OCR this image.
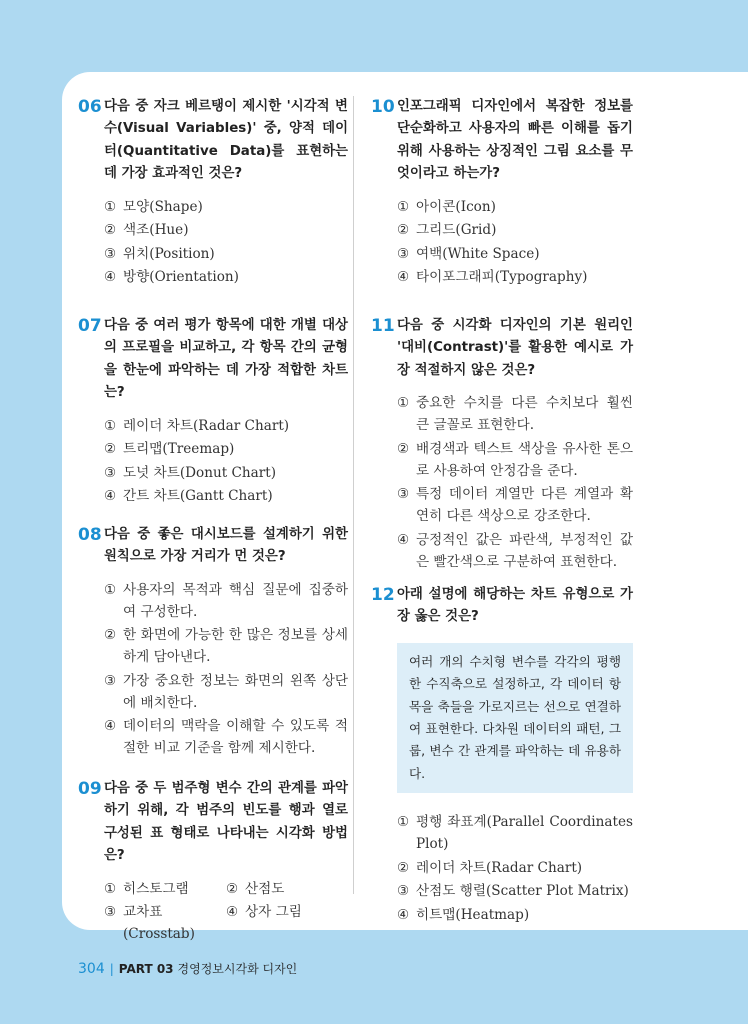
06 다음 중 자크 베르탱이 제시한 '시각적 변수(Visual Variables)' 중, 양적 데이터(Quantitative Data)를 표현하는 데 가장 효과적인 것은?
① 모양(Shape)
② 색조(Hue)
③ 위치(Position)
④ 방향(Orientation)
07 다음 중 여러 평가 항목에 대한 개별 대상의 프로필을 비교하고, 각 항목 간의 균형을 한눈에 파악하는 데 가장 적합한 차트는?
① 레이더 차트(Radar Chart)
② 트리맵(Treemap)
③ 도넛 차트(Donut Chart)
④ 간트 차트(Gantt Chart)
08 다음 중 좋은 대시보드를 설계하기 위한 원칙으로 가장 거리가 먼 것은?
① 사용자의 목적과 핵심 질문에 집중하여 구성한다.
② 한 화면에 가능한 한 많은 정보를 상세하게 담아낸다.
③ 가장 중요한 정보는 화면의 왼쪽 상단에 배치한다.
④ 데이터의 맥락을 이해할 수 있도록 적절한 비교 기준을 함께 제시한다.
09 다음 중 두 범주형 변수 간의 관계를 파악하기 위해, 각 범주의 빈도를 행과 열로 구성된 표 형태로 나타내는 시각화 방법은?
① 히스토그램	② 산점도
③ 교차표(Crosstab)
④ 상자 그림
10 인포그래픽 디자인에서 복잡한 정보를 단순화하고 사용자의 빠른 이해를 돕기 위해 사용하는 상징적인 그림 요소를 무엇이라고 하는가?
① 아이콘(Icon)
② 그리드(Grid)
③ 여백(White Space)
④ 타이포그래피(Typography)
11 다음 중 시각화 디자인의 기본 원리인 '대비(Contrast)'를 활용한 예시로 가장 적절하지 않은 것은?
① 중요한 수치를 다른 수치보다 훨씬 큰 글꼴로 표현한다.
② 배경색과 텍스트 색상을 유사한 톤으로 사용하여 안정감을 준다.
③ 특정 데이터 계열만 다른 계열과 확연히 다른 색상으로 강조한다.
④ 긍정적인 값은 파란색, 부정적인 값은 빨간색으로 구분하여 표현한다.
12 아래 설명에 해당하는 차트 유형으로 가장 옳은 것은?
여러 개의 수치형 변수를 각각의 평행한 수직축으로 설정하고, 각 데이터 항목을 축들을 가로지르는 선으로 연결하여 표현한다. 다차원 데이터의 패턴, 그룹, 변수 간 관계를 파악하는 데 유용하다.
① 평행 좌표계(Parallel Coordinates Plot)
② 레이더 차트(Radar Chart)
③ 산점도 행렬(Scatter Plot Matrix)
④ 히트맵(Heatmap)
304 | PART 03 경영정보시각화 디자인
